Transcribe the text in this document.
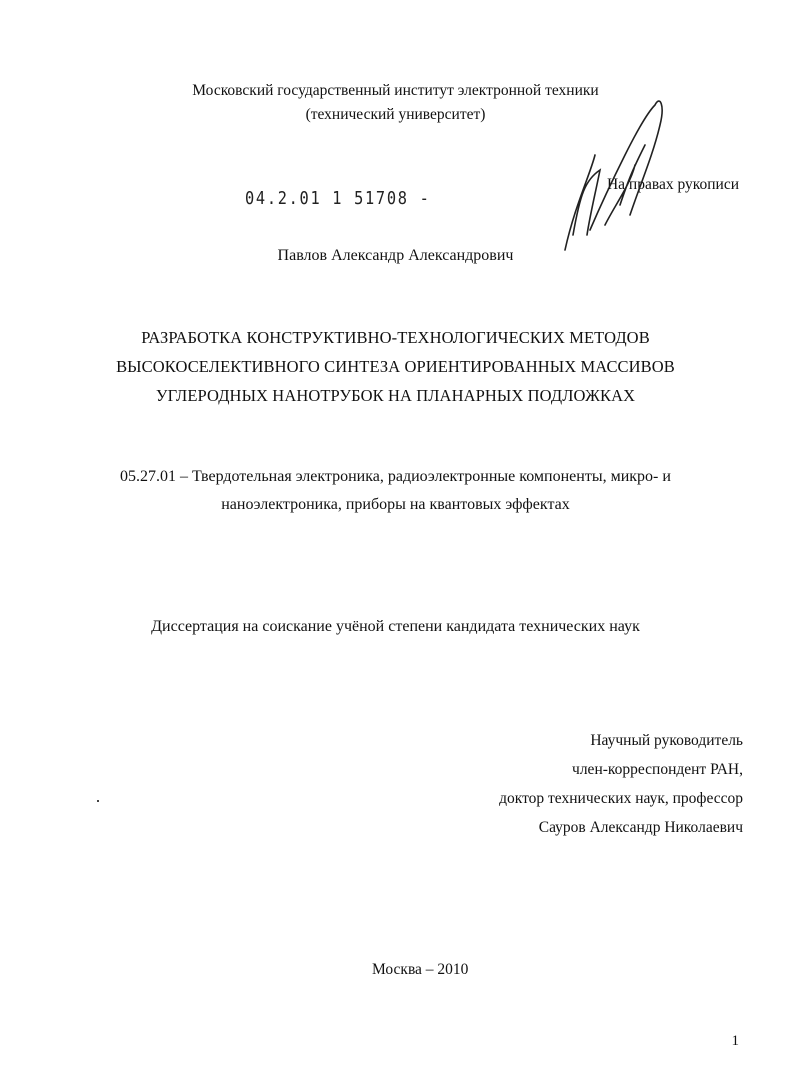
Московский государственный институт электронной техники
(технический университет)
На правах рукописи
04.2.01 1 51708 -
Павлов Александр Александрович
РАЗРАБОТКА КОНСТРУКТИВНО-ТЕХНОЛОГИЧЕСКИХ МЕТОДОВ
ВЫСОКОСЕЛЕКТИВНОГО СИНТЕЗА ОРИЕНТИРОВАННЫХ МАССИВОВ
УГЛЕРОДНЫХ НАНОТРУБОК НА ПЛАНАРНЫХ ПОДЛОЖКАХ
05.27.01 – Твердотельная электроника, радиоэлектронные компоненты, микро- и
наноэлектроника, приборы на квантовых эффектах
Диссертация на соискание учёной степени кандидата технических наук
Научный руководитель
член-корреспондент РАН,
доктор технических наук, профессор
Сауров Александр Николаевич
Москва – 2010
1
